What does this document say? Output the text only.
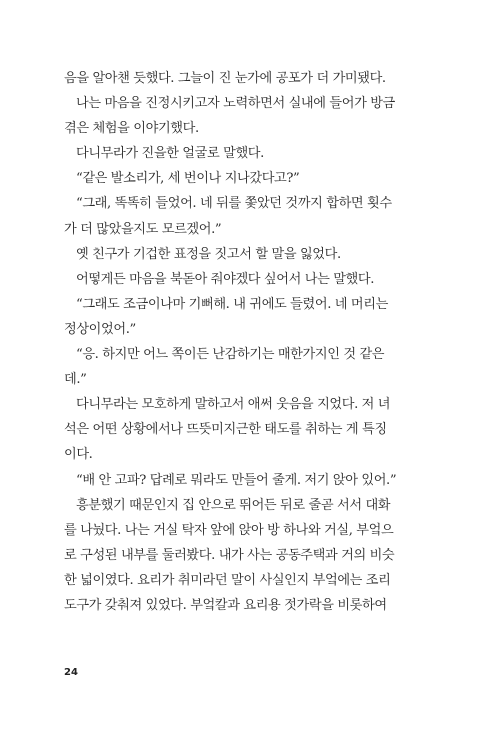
음을 알아챈 듯했다. 그늘이 진 눈가에 공포가 더 가미됐다.
나는 마음을 진정시키고자 노력하면서 실내에 들어가 방금
겪은 체험을 이야기했다.
다니무라가 진을한 얼굴로 말했다.
“같은 발소리가, 세 번이나 지나갔다고?”
“그래, 똑똑히 들었어. 네 뒤를 쫓았던 것까지 합하면 횟수
가 더 많았을지도 모르겠어.”
옛 친구가 기겁한 표정을 짓고서 할 말을 잃었다.
어떻게든 마음을 북돋아 줘야겠다 싶어서 나는 말했다.
“그래도 조금이나마 기뻐해. 내 귀에도 들렸어. 네 머리는
정상이었어.”
“응. 하지만 어느 쪽이든 난감하기는 매한가지인 것 같은
데.”
다니무라는 모호하게 말하고서 애써 웃음을 지었다. 저 녀
석은 어떤 상황에서나 뜨뜻미지근한 태도를 취하는 게 특징
이다.
“배 안 고파? 답례로 뭐라도 만들어 줄게. 저기 앉아 있어.”
흥분했기 때문인지 집 안으로 뛰어든 뒤로 줄곧 서서 대화
를 나눴다. 나는 거실 탁자 앞에 앉아 방 하나와 거실, 부엌으
로 구성된 내부를 둘러봤다. 내가 사는 공동주택과 거의 비슷
한 넓이였다. 요리가 취미라던 말이 사실인지 부엌에는 조리
도구가 갖춰져 있었다. 부엌칼과 요리용 젓가락을 비롯하여
24
